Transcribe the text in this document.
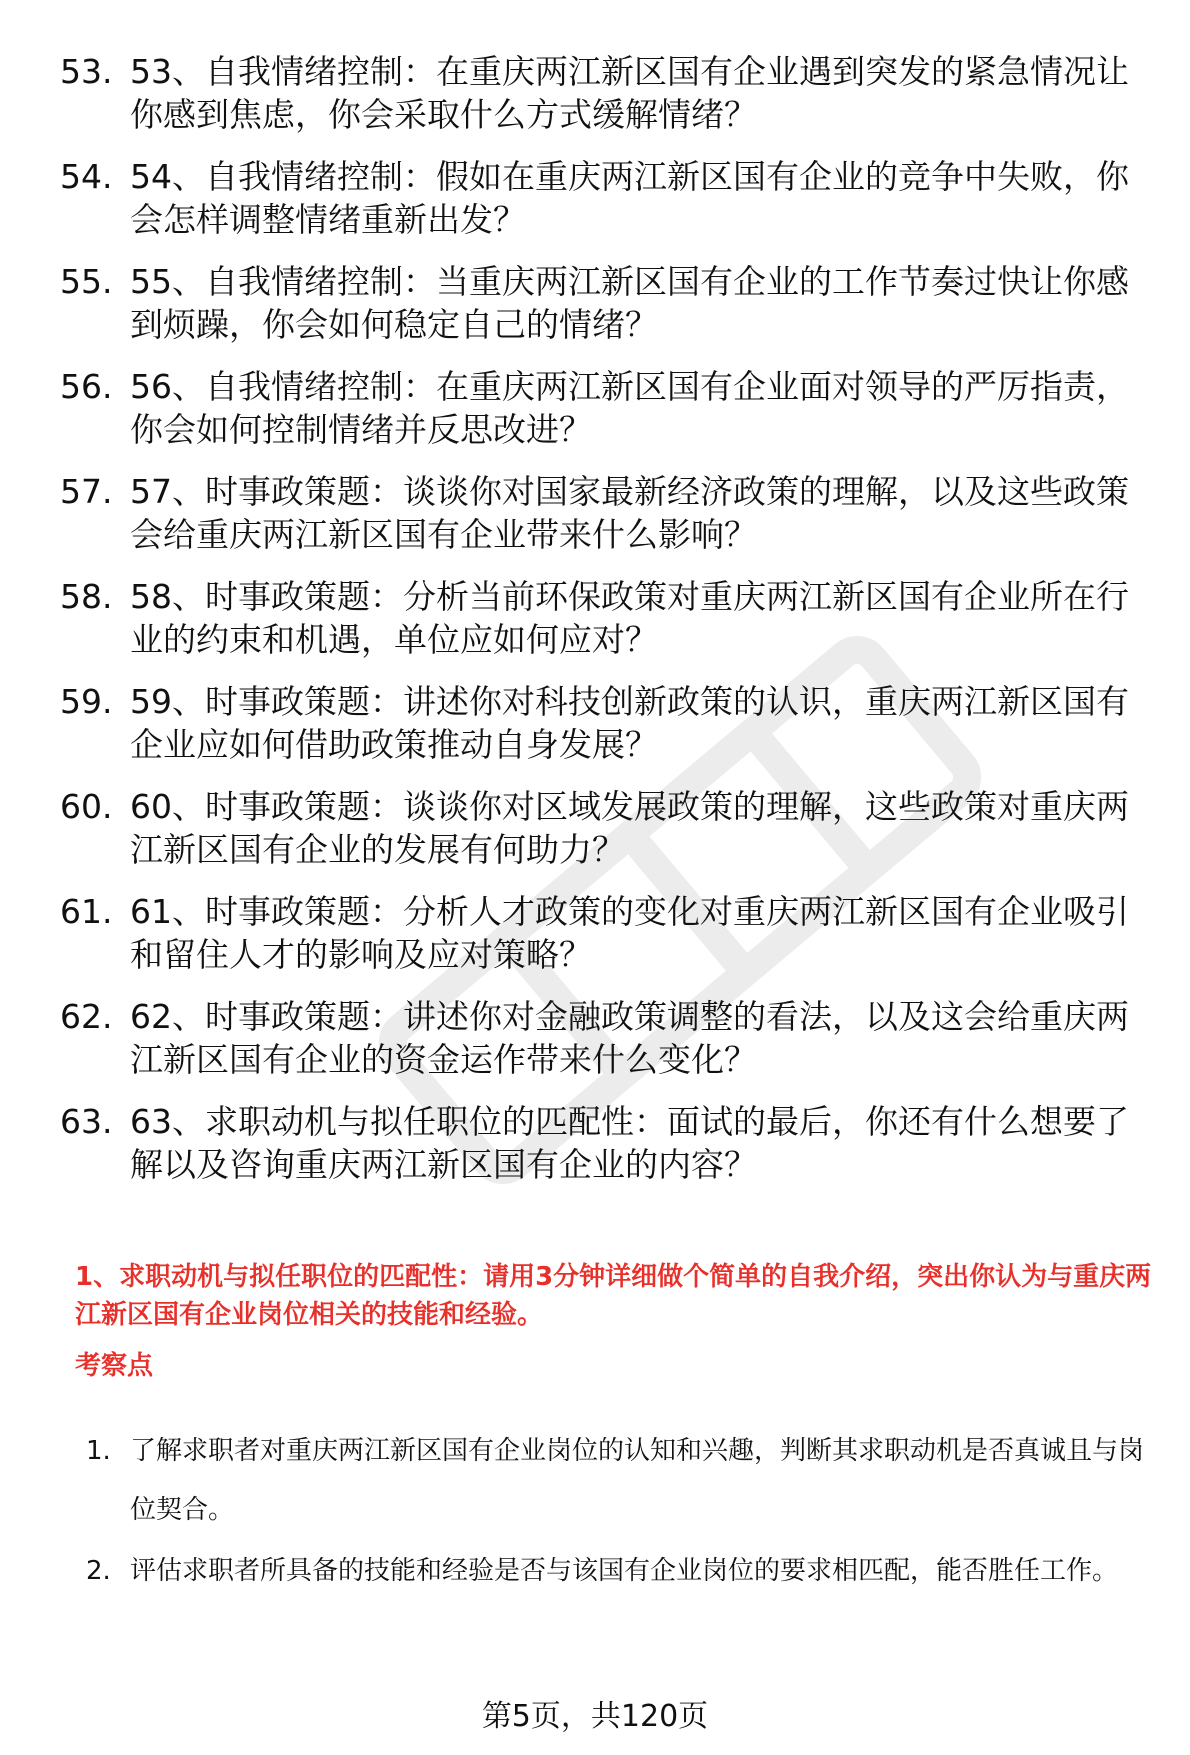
53. 53、自我情绪控制：在重庆两江新区国有企业遇到突发的紧急情况让你感到焦虑，你会采取什么方式缓解情绪？
54. 54、自我情绪控制：假如在重庆两江新区国有企业的竞争中失败，你会怎样调整情绪重新出发？
55. 55、自我情绪控制：当重庆两江新区国有企业的工作节奏过快让你感到烦躁，你会如何稳定自己的情绪？
56. 56、自我情绪控制：在重庆两江新区国有企业面对领导的严厉指责，你会如何控制情绪并反思改进？
57. 57、时事政策题：谈谈你对国家最新经济政策的理解，以及这些政策会给重庆两江新区国有企业带来什么影响？
58. 58、时事政策题：分析当前环保政策对重庆两江新区国有企业所在行业的约束和机遇，单位应如何应对？
59. 59、时事政策题：讲述你对科技创新政策的认识，重庆两江新区国有企业应如何借助政策推动自身发展？
60. 60、时事政策题：谈谈你对区域发展政策的理解，这些政策对重庆两江新区国有企业的发展有何助力？
61. 61、时事政策题：分析人才政策的变化对重庆两江新区国有企业吸引和留住人才的影响及应对策略？
62. 62、时事政策题：讲述你对金融政策调整的看法，以及这会给重庆两江新区国有企业的资金运作带来什么变化？
63. 63、求职动机与拟任职位的匹配性：面试的最后，你还有什么想要了解以及咨询重庆两江新区国有企业的内容？
1、求职动机与拟任职位的匹配性：请用3分钟详细做个简单的自我介绍，突出你认为与重庆两江新区国有企业岗位相关的技能和经验。
考察点
1. 了解求职者对重庆两江新区国有企业岗位的认知和兴趣，判断其求职动机是否真诚且与岗位契合。
2. 评估求职者所具备的技能和经验是否与该国有企业岗位的要求相匹配，能否胜任工作。
第5页，共120页
